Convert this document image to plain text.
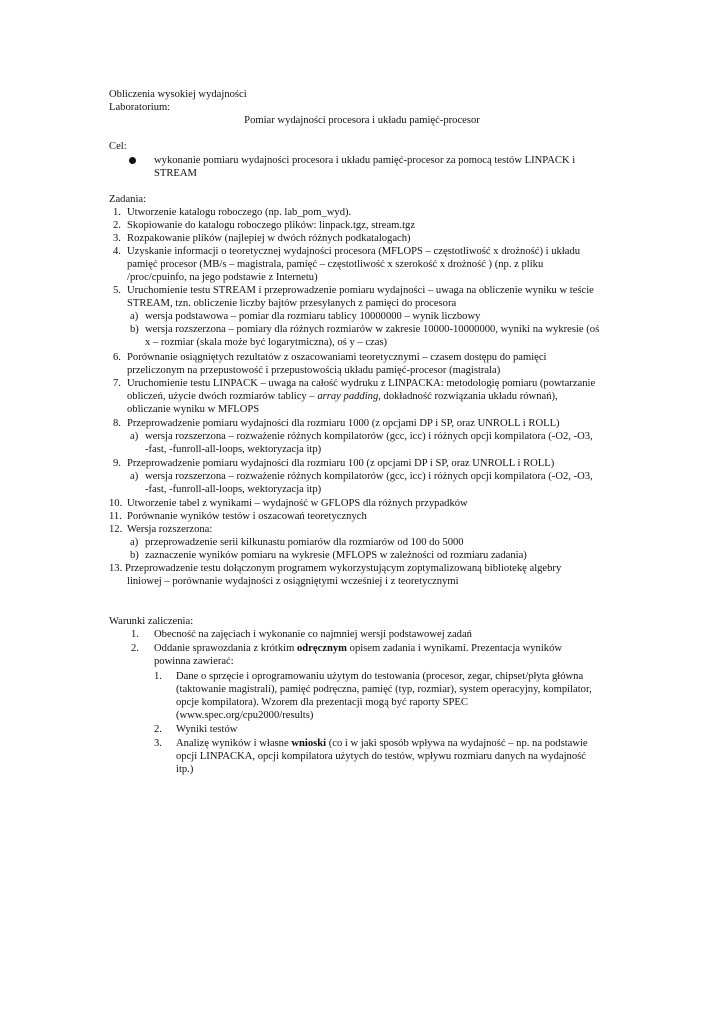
Obliczenia wysokiej wydajności
Laboratorium:
Pomiar wydajności procesora i układu pamięć-procesor
Cel:
wykonanie pomiaru wydajności procesora i układu pamięć-procesor za pomocą testów LINPACK i
STREAM
Zadania:
1. Utworzenie katalogu roboczego (np. lab_pom_wyd).
2. Skopiowanie do katalogu roboczego plików: linpack.tgz, stream.tgz
3. Rozpakowanie plików (najlepiej w dwóch różnych podkatalogach)
4. Uzyskanie informacji o teoretycznej wydajności procesora (MFLOPS – częstotliwość x drożność) i układu
pamięć procesor (MB/s – magistrala, pamięć – częstotliwość x szerokość x drożność ) (np. z pliku
/proc/cpuinfo, na jego podstawie z Internetu)
5. Uruchomienie testu STREAM i przeprowadzenie pomiaru wydajności – uwaga na obliczenie wyniku w teście
STREAM, tzn. obliczenie liczby bajtów przesyłanych z pamięci do procesora
a) wersja podstawowa – pomiar dla rozmiaru tablicy 10000000 – wynik liczbowy
b) wersja rozszerzona – pomiary dla różnych rozmiarów w zakresie 10000-10000000, wyniki na wykresie (oś
x – rozmiar (skala może być logarytmiczna), oś y – czas)
6. Porównanie osiągniętych rezultatów z oszacowaniami teoretycznymi – czasem dostępu do pamięci
przeliczonym na przepustowość i przepustowością układu pamięć-procesor (magistrala)
7. Uruchomienie testu LINPACK – uwaga na całość wydruku z LINPACKA: metodologię pomiaru (powtarzanie
obliczeń, użycie dwóch rozmiarów tablicy – array padding, dokładność rozwiązania układu równań),
obliczanie wyniku w MFLOPS
8. Przeprowadzenie pomiaru wydajności dla rozmiaru 1000 (z opcjami DP i SP, oraz UNROLL i ROLL)
a) wersja rozszerzona – rozważenie różnych kompilatorów (gcc, icc) i różnych opcji kompilatora (-O2, -O3,
-fast, -funroll-all-loops, wektoryzacja itp)
9. Przeprowadzenie pomiaru wydajności dla rozmiaru 100 (z opcjami DP i SP, oraz UNROLL i ROLL)
a) wersja rozszerzona – rozważenie różnych kompilatorów (gcc, icc) i różnych opcji kompilatora (-O2, -O3,
-fast, -funroll-all-loops, wektoryzacja itp)
10. Utworzenie tabel z wynikami – wydajność w GFLOPS dla różnych przypadków
11. Porównanie wyników testów i oszacowań teoretycznych
12. Wersja rozszerzona:
a) przeprowadzenie serii kilkunastu pomiarów dla rozmiarów od 100 do 5000
b) zaznaczenie wyników pomiaru na wykresie (MFLOPS w zależności od rozmiaru zadania)
13. Przeprowadzenie testu dołączonym programem wykorzystującym zoptymalizowaną bibliotekę algebry
liniowej – porównanie wydajności z osiągniętymi wcześniej i z teoretycznymi
Warunki zaliczenia:
1. Obecność na zajęciach i wykonanie co najmniej wersji podstawowej zadań
2. Oddanie sprawozdania z krótkim odręcznym opisem zadania i wynikami. Prezentacja wyników
powinna zawierać:
1. Dane o sprzęcie i oprogramowaniu użytym do testowania (procesor, zegar, chipset/płyta główna
(taktowanie magistrali), pamięć podręczna, pamięć (typ, rozmiar), system operacyjny, kompilator,
opcje kompilatora). Wzorem dla prezentacji mogą być raporty SPEC
(www.spec.org/cpu2000/results)
2. Wyniki testów
3. Analizę wyników i własne wnioski (co i w jaki sposób wpływa na wydajność – np. na podstawie
opcji LINPACKA, opcji kompilatora użytych do testów, wpływu rozmiaru danych na wydajność
itp.)
